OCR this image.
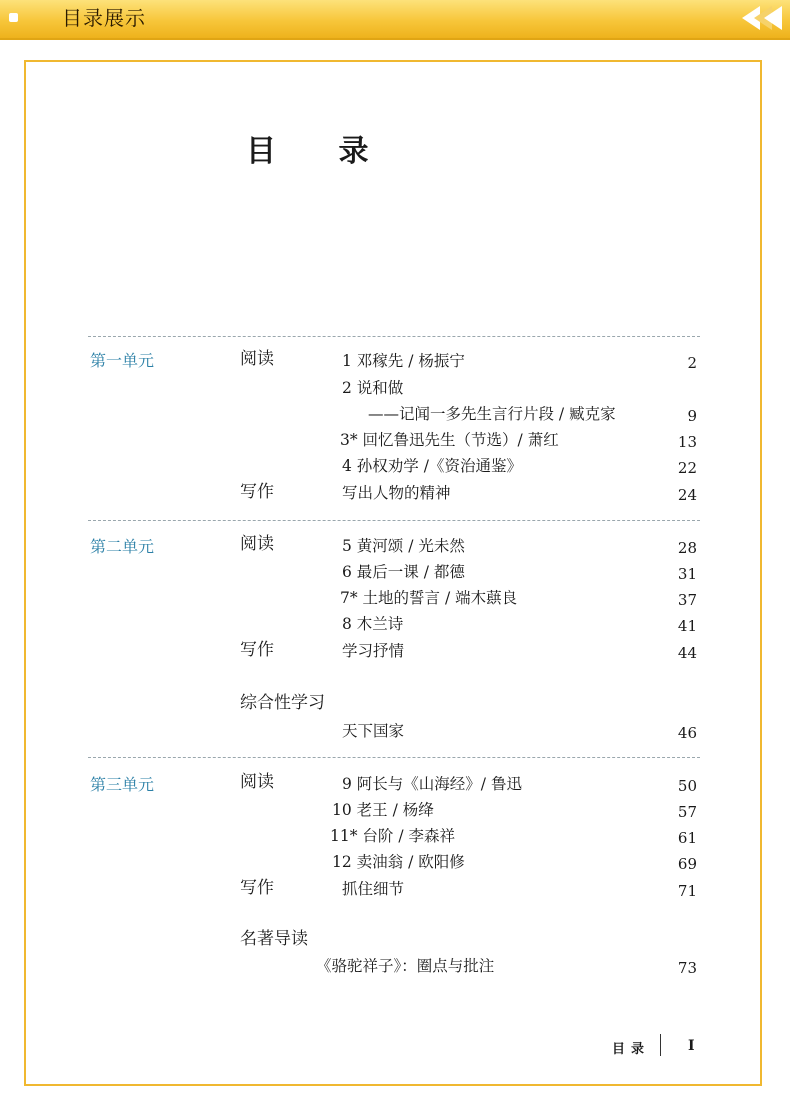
目录展示
目 录
第一单元	阅读	1 邓稼先 / 杨振宁	2
2 说和做
——记闻一多先生言行片段 / 臧克家	9
3* 回忆鲁迅先生（节选）/ 萧红	13
4 孙权劝学 /《资治通鉴》	22
写作	写出人物的精神	24
第二单元	阅读	5 黄河颂 / 光未然	28
6 最后一课 / 都德	31
7* 土地的誓言 / 端木蕻良	37
8 木兰诗	41
写作	学习抒情	44
综合性学习
天下国家	46
第三单元	阅读	9 阿长与《山海经》/ 鲁迅	50
10 老王 / 杨绛	57
11* 台阶 / 李森祥	61
12 卖油翁 / 欧阳修	69
写作	抓住细节	71
名著导读
《骆驼祥子》：圈点与批注	73
目录	I
